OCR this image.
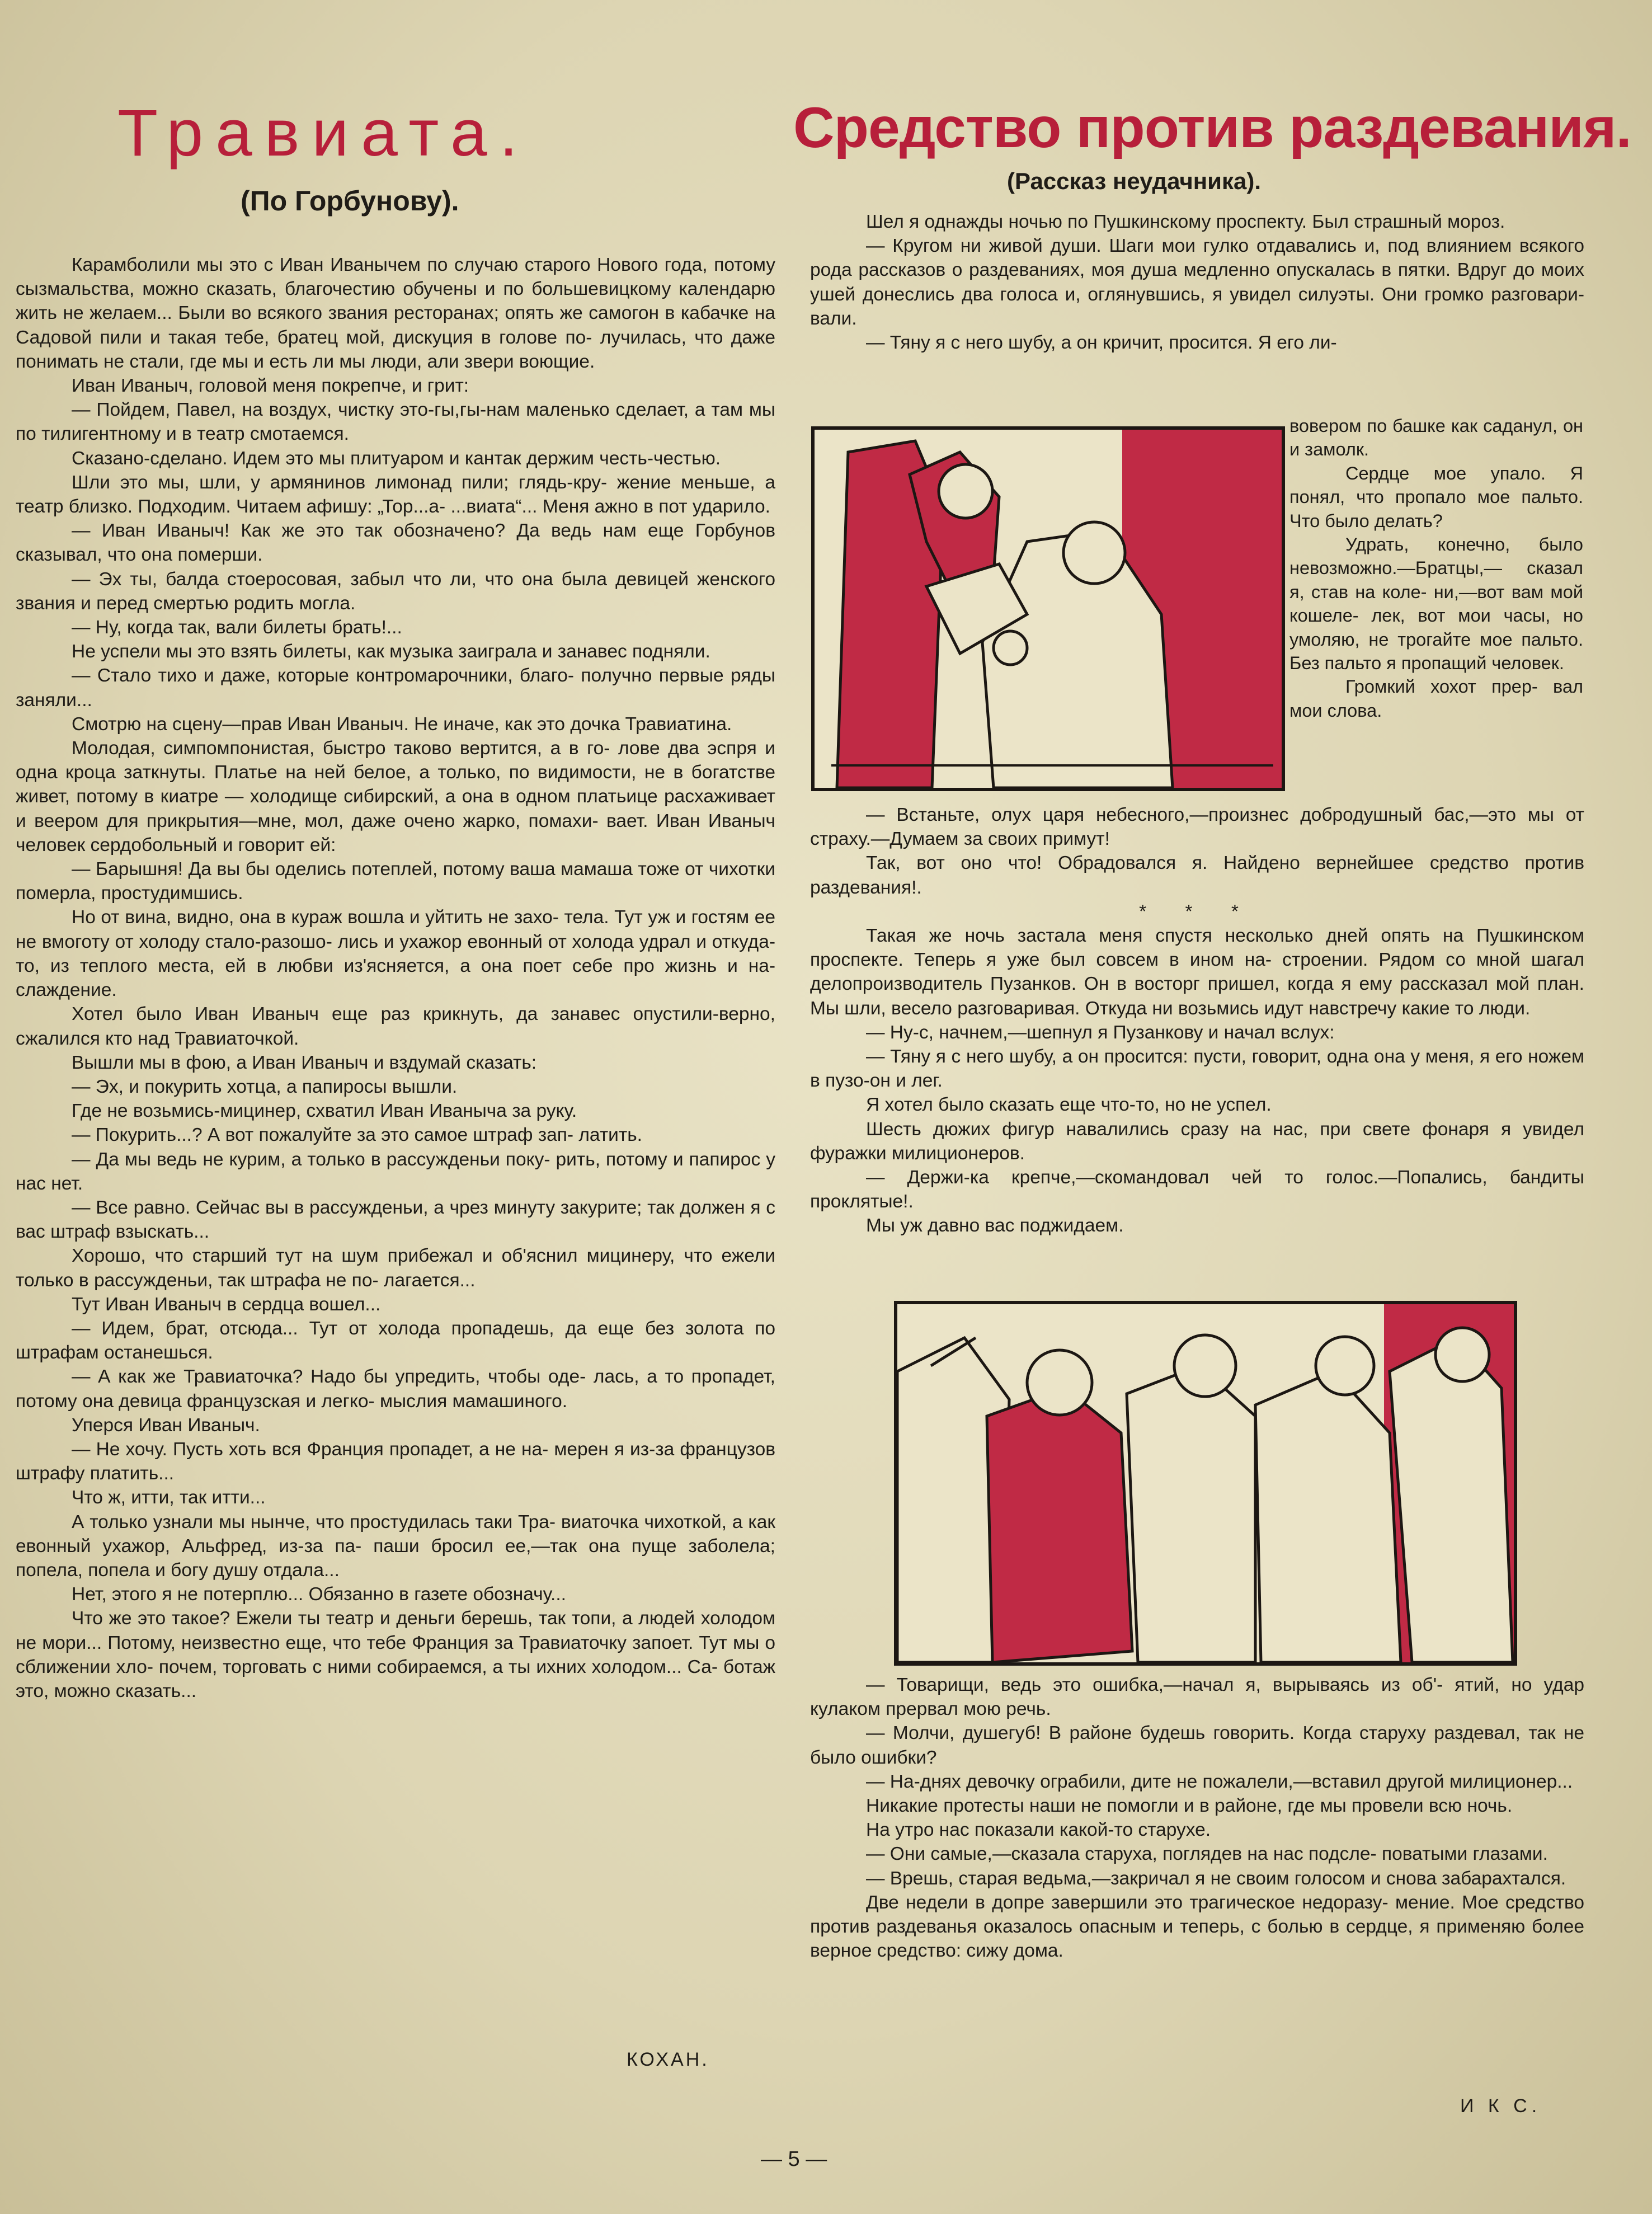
Травиата.
(По Горбунову).

Карамболили мы это с Иван Иванычем по случаю старого Нового года, потому сызмальства, можно сказать, благочестию обучены и по большевицкому календарю жить не желаем... Были во всякого звания ресторанах; опять же самогон в кабачке на Садовой пили и такая тебе, братец мой, дискуция в голове по- лучилась, что даже понимать не стали, где мы и есть ли мы люди, али звери воющие.

Иван Иваныч, головой меня покрепче, и грит:

— Пойдем, Павел, на воздух, чистку это-гы,гы-нам маленько сделает, а там мы по тилигентному и в театр смотаемся.

Сказано-сделано. Идем это мы плитуаром и кантак держим честь-честью.

Шли это мы, шли, у армянинов лимонад пили; глядь-кру- жение меньше, а театр близко. Подходим. Читаем афишу: „Тор...а- ...виата“... Меня ажно в пот ударило.

— Иван Иваныч! Как же это так обозначено? Да ведь нам еще Горбунов сказывал, что она померши.

— Эх ты, балда стоеросовая, забыл что ли, что она была девицей женского звания и перед смертью родить могла.

— Ну, когда так, вали билеты брать!...

Не успели мы это взять билеты, как музыка заиграла и занавес подняли.

— Стало тихо и даже, которые контромарочники, благо- получно первые ряды заняли...

Смотрю на сцену—прав Иван Иваныч. Не иначе, как это дочка Травиатина.

Молодая, симпомпонистая, быстро таково вертится, а в го- лове два эспря и одна кроца заткнуты. Платье на ней белое, а только, по видимости, не в богатстве живет, потому в киатре — холодище сибирский, а она в одном платьице расхаживает и веером для прикрытия—мне, мол, даже очено жарко, помахи- вает. Иван Иваныч человек сердобольный и говорит ей:

— Барышня! Да вы бы оделись потеплей, потому ваша мамаша тоже от чихотки померла, простудимшись.

Но от вина, видно, она в кураж вошла и уйтить не захо- тела. Тут уж и гостям ее не вмоготу от холоду стало-разошо- лись и ухажор евонный от холода удрал и откуда-то, из теплого места, ей в любви из'ясняется, а она поет себе про жизнь и на- слаждение.

Хотел было Иван Иваныч еще раз крикнуть, да занавес опустили-верно, сжалился кто над Травиаточкой.

Вышли мы в фою, а Иван Иваныч и вздумай сказать:

— Эх, и покурить хотца, а папиросы вышли.

Где не возьмись-мицинер, схватил Иван Иваныча за руку.

— Покурить...? А вот пожалуйте за это самое штраф зап- латить.

— Да мы ведь не курим, а только в рассужденьи поку- рить, потому и папирос у нас нет.

— Все равно. Сейчас вы в рассужденьи, а чрез минуту закурите; так должен я с вас штраф взыскать...

Хорошо, что старший тут на шум прибежал и об'яснил мицинеру, что ежели только в рассужденьи, так штрафа не по- лагается...

Тут Иван Иваныч в сердца вошел...

— Идем, брат, отсюда... Тут от холода пропадешь, да еще без золота по штрафам останешься.

— А как же Травиаточка? Надо бы упредить, чтобы оде- лась, а то пропадет, потому она девица французская и легко- мыслия мамашиного.

Уперся Иван Иваныч.

— Не хочу. Пусть хоть вся Франция пропадет, а не на- мерен я из-за французов штрафу платить...

Что ж, итти, так итти...

А только узнали мы нынче, что простудилась таки Тра- виаточка чихоткой, а как евонный ухажор, Альфред, из-за па- паши бросил ее,—так она пуще заболела; попела, попела и богу душу отдала...

Нет, этого я не потерплю... Обязанно в газете обозначу...

Что же это такое? Ежели ты театр и деньги берешь, так топи, а людей холодом не мори... Потому, неизвестно еще, что тебе Франция за Травиаточку запоет. Тут мы о сближении хло- почем, торговать с ними собираемся, а ты ихних холодом... Са- ботаж это, можно сказать...

КОХАН.
Средство против раздевания.
(Рассказ неудачника).

Шел я однажды ночью по Пушкинскому проспекту. Был страшный мороз.

— Кругом ни живой души. Шаги мои гулко отдавались и, под влиянием всякого рода рассказов о раздеваниях, моя душа медленно опускалась в пятки. Вдруг до моих ушей донеслись два голоса и, оглянувшись, я увидел силуэты. Они громко разговари- вали.

— Тяну я с него шубу, а он кричит, просится. Я его ли-

вовером по башке как саданул, он и замолк.

Сердце мое упало. Я понял, что пропало мое пальто. Что было делать?

Удрать, конечно, было невозможно.—Братцы,— сказал я, став на коле- ни,—вот вам мой кошеле- лек, вот мои часы, но умоляю, не трогайте мое пальто. Без пальто я пропащий человек.

Громкий хохот прер- вал мои слова.

— Встаньте, олух царя небесного,—произнес добродушный бас,—это мы от страху.—Думаем за своих примут!

Так, вот оно что! Обрадовался я. Найдено вернейшее средство против раздевания!.

* * *

Такая же ночь застала меня спустя несколько дней опять на Пушкинском проспекте. Теперь я уже был совсем в ином на- строении. Рядом со мной шагал делопроизводитель Пузанков. Он в восторг пришел, когда я ему рассказал мой план. Мы шли, весело разговаривая. Откуда ни возьмись идут навстречу какие то люди.

— Ну-с, начнем,—шепнул я Пузанкову и начал вслух:

— Тяну я с него шубу, а он просится: пусти, говорит, одна она у меня, я его ножем в пузо-он и лег.

Я хотел было сказать еще что-то, но не успел.

Шесть дюжих фигур навалились сразу на нас, при свете фонаря я увидел фуражки милиционеров.

— Держи-ка крепче,—скомандовал чей то голос.—Попались, бандиты проклятые!.

Мы уж давно вас поджидаем.

— Товарищи, ведь это ошибка,—начал я, вырываясь из об'- ятий, но удар кулаком прервал мою речь.

— Молчи, душегуб! В районе будешь говорить. Когда старуху раздевал, так не было ошибки?

— На-днях девочку ограбили, дите не пожалели,—вставил другой милиционер...

Никакие протесты наши не помогли и в районе, где мы провели всю ночь.

На утро нас показали какой-то старухе.

— Они самые,—сказала старуха, поглядев на нас подсле- поватыми глазами.

— Врешь, старая ведьма,—закричал я не своим голосом и снова забарахтался.

Две недели в допре завершили это трагическое недоразу- мение. Мое средство против раздеванья оказалось опасным и теперь, с болью в сердце, я применяю более верное средство: сижу дома.

И К С.
— 5 —
